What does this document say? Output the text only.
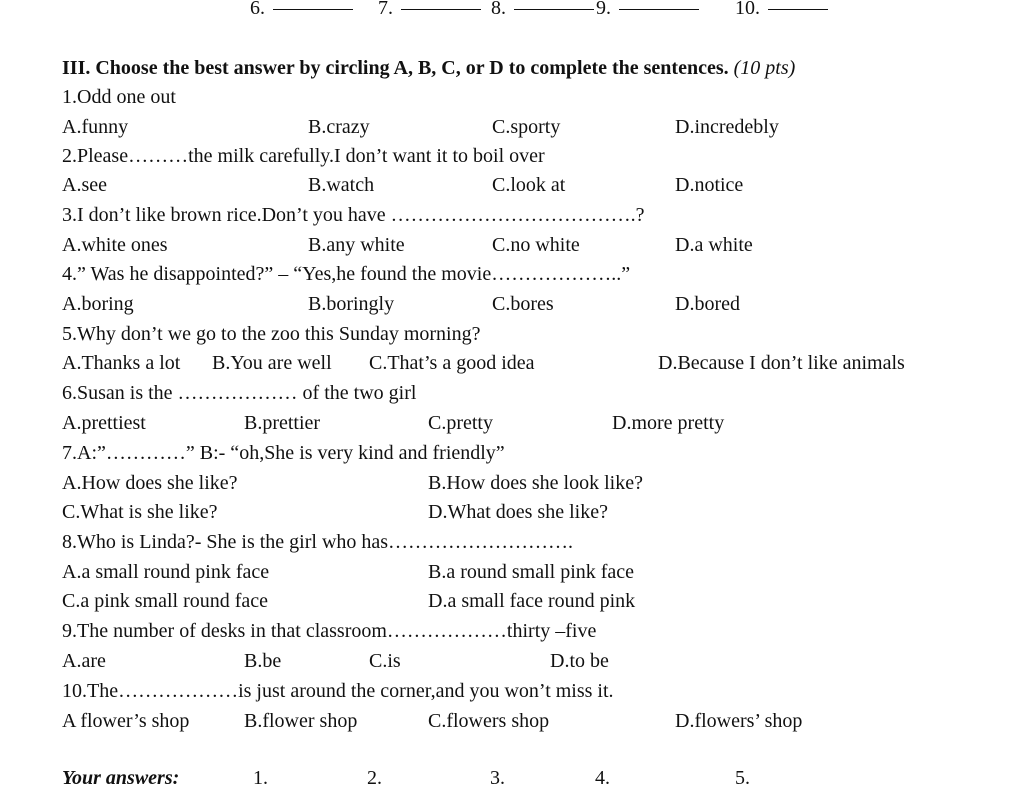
6.	7.	8.	9.	10.
III. Choose the best answer by circling A, B, C, or D to complete the sentences. (10 pts)
1.Odd one out
A.funny	B.crazy	C.sporty	D.incredebly
2.Please………the milk carefully.I don’t want it to boil over
A.see	B.watch	C.look at	D.notice
3.I don’t like brown rice.Don’t you have ……………………………….?
A.white ones	B.any white	C.no white	D.a white
4.” Was he disappointed?” – “Yes,he found the movie………………..”
A.boring	B.boringly	C.bores	D.bored
5.Why don’t we go to the zoo this Sunday morning?
A.Thanks a lot B.You are well C.That’s a good idea	D.Because I don’t like animals
6.Susan is the ……………… of the two girl
A.prettiest	B.prettier	C.pretty	D.more pretty
7.A:”…………” B:- “oh,She is very kind and friendly”
A.How does she like?	B.How does she look like?
C.What is she like?	D.What does she like?
8.Who is Linda?- She is the girl who has……………………….
A.a small round pink face	B.a round small pink face
C.a pink small round face	D.a small face round pink
9.The number of desks in that classroom………………thirty –five
A.are	B.be	C.is	D.to be
10.The………………is just around the corner,and you won’t miss it.
A flower’s shop	B.flower shop	C.flowers shop	D.flowers’ shop
Your answers:	1.	2.	3.	4.	5.
